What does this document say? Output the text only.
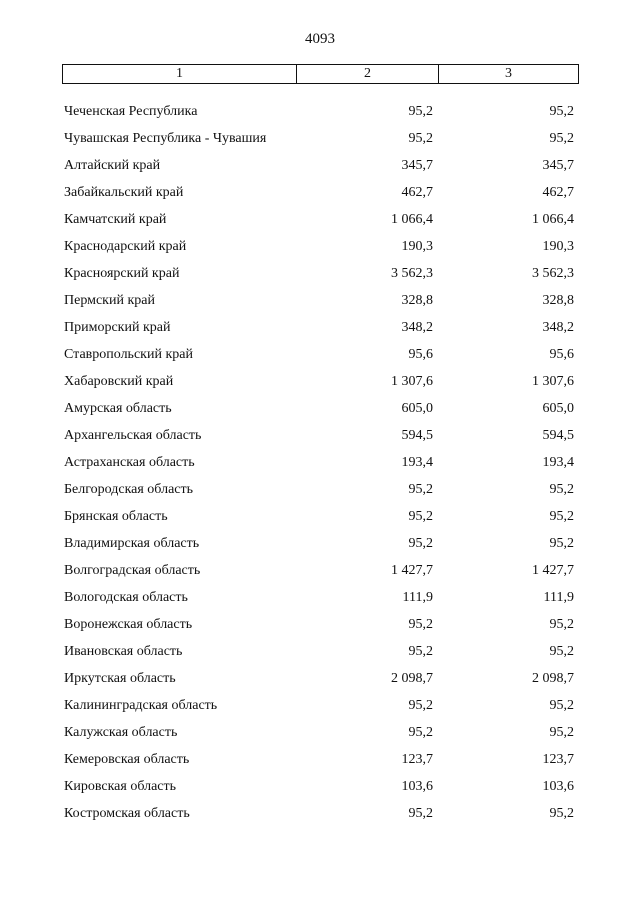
4093
1	2	3
Чеченская Республика	95,2	95,2
Чувашская Республика - Чувашия	95,2	95,2
Алтайский край	345,7	345,7
Забайкальский край	462,7	462,7
Камчатский край	1 066,4	1 066,4
Краснодарский край	190,3	190,3
Красноярский край	3 562,3	3 562,3
Пермский край	328,8	328,8
Приморский край	348,2	348,2
Ставропольский край	95,6	95,6
Хабаровский край	1 307,6	1 307,6
Амурская область	605,0	605,0
Архангельская область	594,5	594,5
Астраханская область	193,4	193,4
Белгородская область	95,2	95,2
Брянская область	95,2	95,2
Владимирская область	95,2	95,2
Волгоградская область	1 427,7	1 427,7
Вологодская область	111,9	111,9
Воронежская область	95,2	95,2
Ивановская область	95,2	95,2
Иркутская область	2 098,7	2 098,7
Калининградская область	95,2	95,2
Калужская область	95,2	95,2
Кемеровская область	123,7	123,7
Кировская область	103,6	103,6
Костромская область	95,2	95,2
